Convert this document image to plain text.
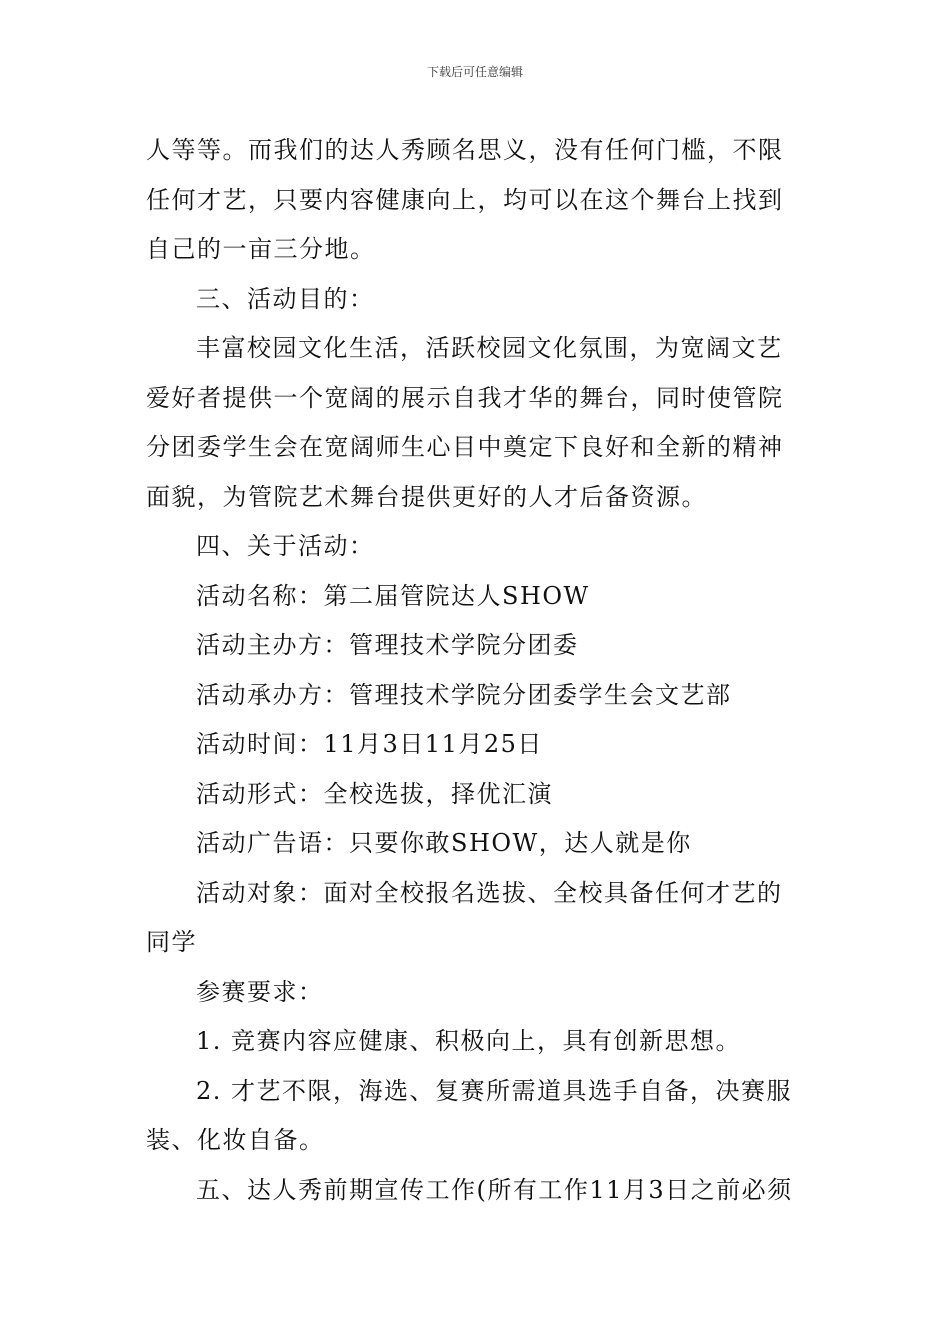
下载后可任意编辑

人等等。而我们的达人秀顾名思义，没有任何门槛，不限

任何才艺，只要内容健康向上，均可以在这个舞台上找到

自己的一亩三分地。

三、活动目的：

丰富校园文化生活，活跃校园文化氛围，为宽阔文艺

爱好者提供一个宽阔的展示自我才华的舞台，同时使管院

分团委学生会在宽阔师生心目中奠定下良好和全新的精神

面貌，为管院艺术舞台提供更好的人才后备资源。

四、关于活动：

活动名称：第二届管院达人SHOW

活动主办方：管理技术学院分团委

活动承办方：管理技术学院分团委学生会文艺部

活动时间：11月3日11月25日

活动形式：全校选拔，择优汇演

活动广告语：只要你敢SHOW，达人就是你

活动对象：面对全校报名选拔、全校具备任何才艺的

同学

参赛要求：

1. 竞赛内容应健康、积极向上，具有创新思想。

2. 才艺不限，海选、复赛所需道具选手自备，决赛服

装、化妆自备。

五、达人秀前期宣传工作(所有工作11月3日之前必须
